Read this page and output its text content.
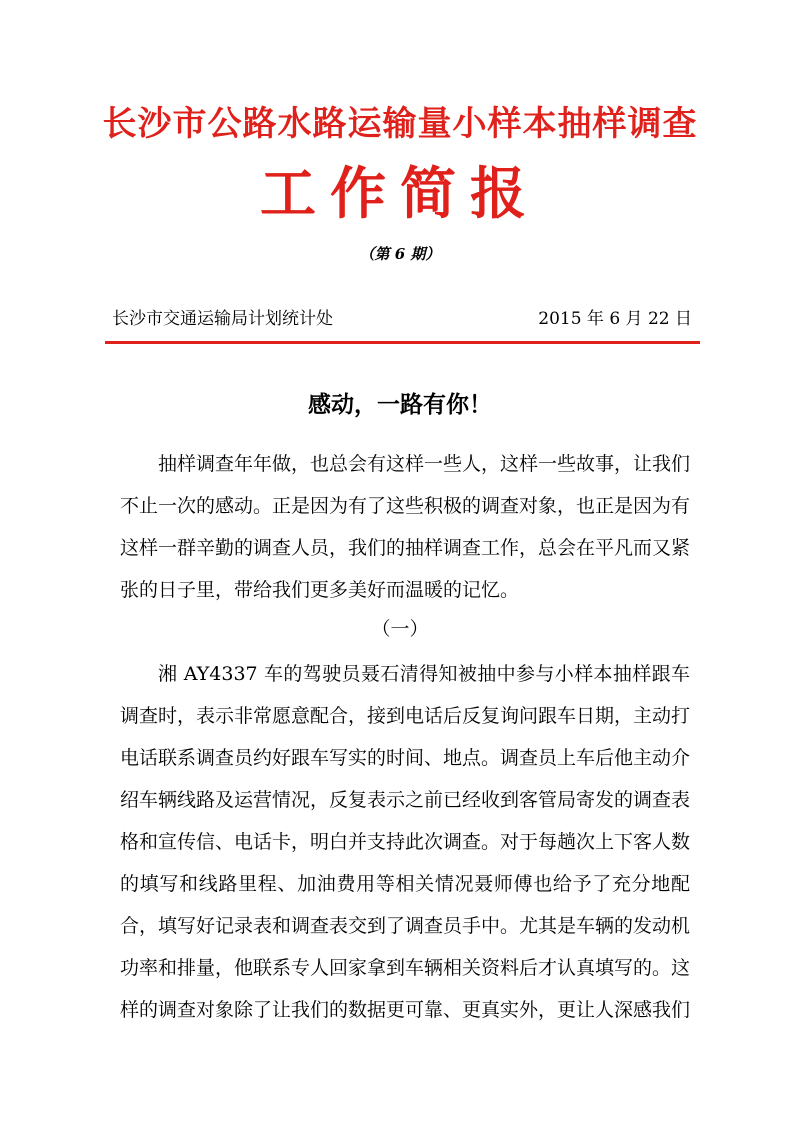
长沙市公路水路运输量小样本抽样调查
工作简报

（第 6 期）

长沙市交通运输局计划统计处	2015 年 6 月 22 日
感动，一路有你！

抽样调查年年做，也总会有这样一些人，这样一些故事，让我们不止一次的感动。正是因为有了这些积极的调查对象，也正是因为有这样一群辛勤的调查人员，我们的抽样调查工作，总会在平凡而又紧张的日子里，带给我们更多美好而温暖的记忆。

（一）

湘 AY4337 车的驾驶员聂石清得知被抽中参与小样本抽样跟车调查时，表示非常愿意配合，接到电话后反复询问跟车日期，主动打电话联系调查员约好跟车写实的时间、地点。调查员上车后他主动介绍车辆线路及运营情况，反复表示之前已经收到客管局寄发的调查表格和宣传信、电话卡，明白并支持此次调查。对于每趟次上下客人数的填写和线路里程、加油费用等相关情况聂师傅也给予了充分地配合，填写好记录表和调查表交到了调查员手中。尤其是车辆的发动机功率和排量，他联系专人回家拿到车辆相关资料后才认真填写的。这样的调查对象除了让我们的数据更可靠、更真实外，更让人深感我们
